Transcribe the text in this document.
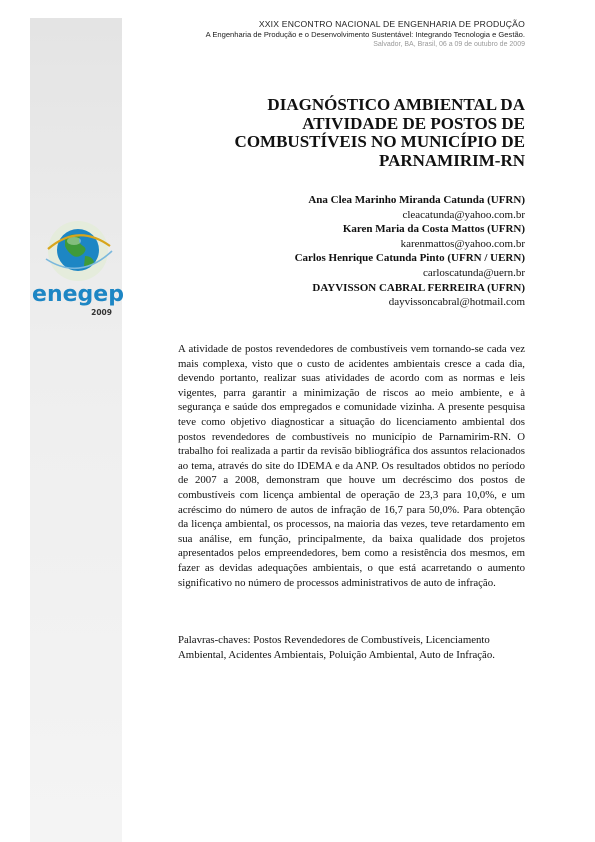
XXIX ENCONTRO NACIONAL DE ENGENHARIA DE PRODUÇÃO
A Engenharia de Produção e o Desenvolvimento Sustentável: Integrando Tecnologia e Gestão.
Salvador, BA, Brasil, 06 a 09 de outubro de 2009
enegep
2009
DIAGNÓSTICO AMBIENTAL DA ATIVIDADE DE POSTOS DE COMBUSTÍVEIS NO MUNICÍPIO DE PARNAMIRIM-RN
Ana Clea Marinho Miranda Catunda (UFRN)
cleacatunda@yahoo.com.br
Karen Maria da Costa Mattos (UFRN)
karenmattos@yahoo.com.br
Carlos Henrique Catunda Pinto (UFRN / UERN)
carloscatunda@uern.br
DAYVISSON CABRAL FERREIRA (UFRN)
dayvissoncabral@hotmail.com
A atividade de postos revendedores de combustíveis vem tornando-se cada vez mais complexa, visto que o custo de acidentes ambientais cresce a cada dia, devendo portanto, realizar suas atividades de acordo com as normas e leis vigentes, parra garantir a minimização de riscos ao meio ambiente, e à segurança e saúde dos empregados e comunidade vizinha. A presente pesquisa teve como objetivo diagnosticar a situação do licenciamento ambiental dos postos revendedores de combustíveis no município de Parnamirim-RN. O trabalho foi realizada a partir da revisão bibliográfica dos assuntos relacionados ao tema, através do site do IDEMA e da ANP. Os resultados obtidos no período de 2007 a 2008, demonstram que houve um decréscimo dos postos de combustíveis com licença ambiental de operação de 23,3 para 10,0%, e um acréscimo do número de autos de infração de 16,7 para 50,0%. Para obtenção da licença ambiental, os processos, na maioria das vezes, teve retardamento em sua análise, em função, principalmente, da baixa qualidade dos projetos apresentados pelos empreendedores, bem como a resistência dos mesmos, em fazer as devidas adequações ambientais, o que está acarretando o aumento significativo no número de processos administrativos de auto de infração.
Palavras-chaves: Postos Revendedores de Combustíveis, Licenciamento Ambiental, Acidentes Ambientais, Poluição Ambiental, Auto de Infração.
